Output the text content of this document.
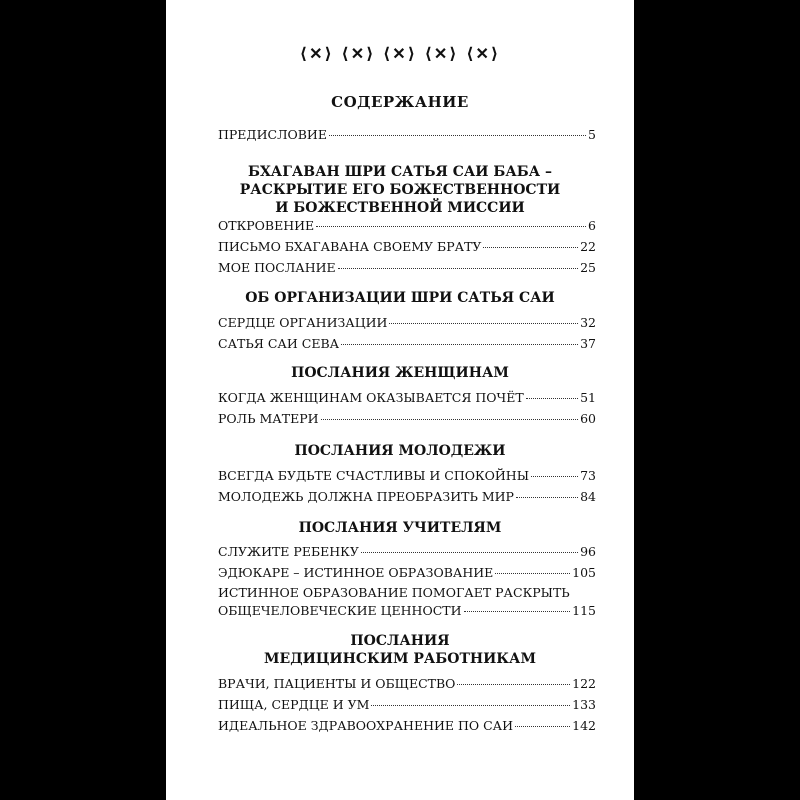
⟨✕⟩ ⟨✕⟩ ⟨✕⟩ ⟨✕⟩ ⟨✕⟩
СОДЕРЖАНИЕ
ПРЕДИСЛОВИЕ	5
БХАГАВАН ШРИ САТЬЯ САИ БАБА –
РАСКРЫТИЕ ЕГО БОЖЕСТВЕННОСТИ
И БОЖЕСТВЕННОЙ МИССИИ
ОТКРОВЕНИЕ	6
ПИСЬМО БХАГАВАНА СВОЕМУ БРАТУ	22
МОЕ ПОСЛАНИЕ	25
ОБ ОРГАНИЗАЦИИ ШРИ САТЬЯ САИ
СЕРДЦЕ ОРГАНИЗАЦИИ	32
САТЬЯ САИ СЕВА	37
ПОСЛАНИЯ ЖЕНЩИНАМ
КОГДА ЖЕНЩИНАМ ОКАЗЫВАЕТСЯ ПОЧЁТ	51
РОЛЬ МАТЕРИ	60
ПОСЛАНИЯ МОЛОДЕЖИ
ВСЕГДА БУДЬТЕ СЧАСТЛИВЫ И СПОКОЙНЫ	73
МОЛОДЕЖЬ ДОЛЖНА ПРЕОБРАЗИТЬ МИР	84
ПОСЛАНИЯ УЧИТЕЛЯМ
СЛУЖИТЕ РЕБЕНКУ	96
ЭДЮКАРЕ – ИСТИННОЕ ОБРАЗОВАНИЕ	105
ИСТИННОЕ ОБРАЗОВАНИЕ ПОМОГАЕТ РАСКРЫТЬ
ОБЩЕЧЕЛОВЕЧЕСКИЕ ЦЕННОСТИ	115
ПОСЛАНИЯ
МЕДИЦИНСКИМ РАБОТНИКАМ
ВРАЧИ, ПАЦИЕНТЫ И ОБЩЕСТВО	122
ПИЩА, СЕРДЦЕ И УМ	133
ИДЕАЛЬНОЕ ЗДРАВООХРАНЕНИЕ ПО САИ	142
